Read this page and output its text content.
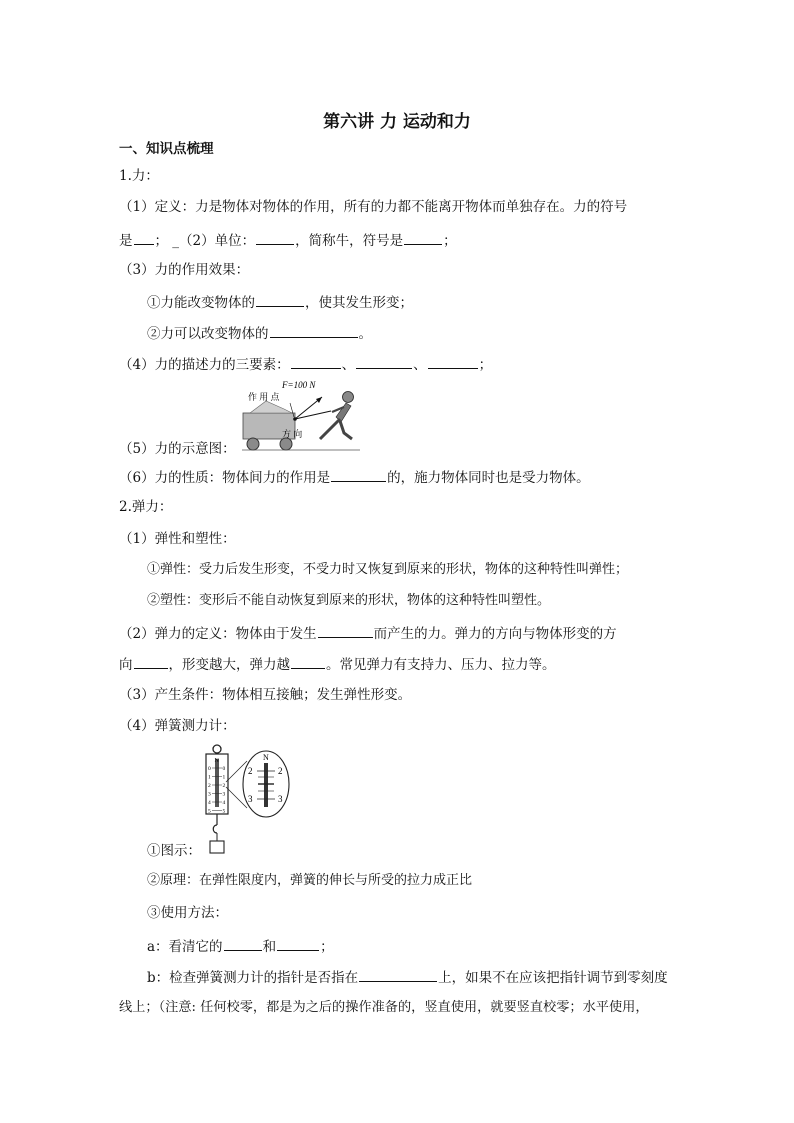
第六讲 力 运动和力
一、知识点梳理
1.力：
（1）定义：力是物体对物体的作用，所有的力都不能离开物体而单独存在。力的符号
是 ； _（2）单位：	，简称牛，符号是	；
（3）力的作用效果：
①力能改变物体的	，使其发生形变；
②力可以改变物体的	。
（4）力的描述力的三要素：	、	、	；
F=100 N
作 用 点
方 向
（5）力的示意图：
（6）力的性质：物体间力的作用是	的，施力物体同时也是受力物体。
2.弹力：
（1）弹性和塑性：
①弹性：受力后发生形变，不受力时又恢复到原来的形状，物体的这种特性叫弹性；
②塑性：变形后不能自动恢复到原来的形状，物体的这种特性叫塑性。
（2）弹力的定义：物体由于发生	而产生的力。弹力的方向与物体形变的方
向	，形变越大，弹力越	。常见弹力有支持力、压力、拉力等。
（3）产生条件：物体相互接触；发生弹性形变。
（4）弹簧测力计：
N
0 0
1 1
2 2
3 3
4 4
5 5
N
2	2
3	3
①图示：
②原理：在弹性限度内，弹簧的伸长与所受的拉力成正比
③使用方法：
a：看清它的	和	；
b：检查弹簧测力计的指针是否指在	上，如果不在应该把指针调节到零刻度
线上；（注意: 任何校零，都是为之后的操作准备的，竖直使用，就要竖直校零；水平使用，
